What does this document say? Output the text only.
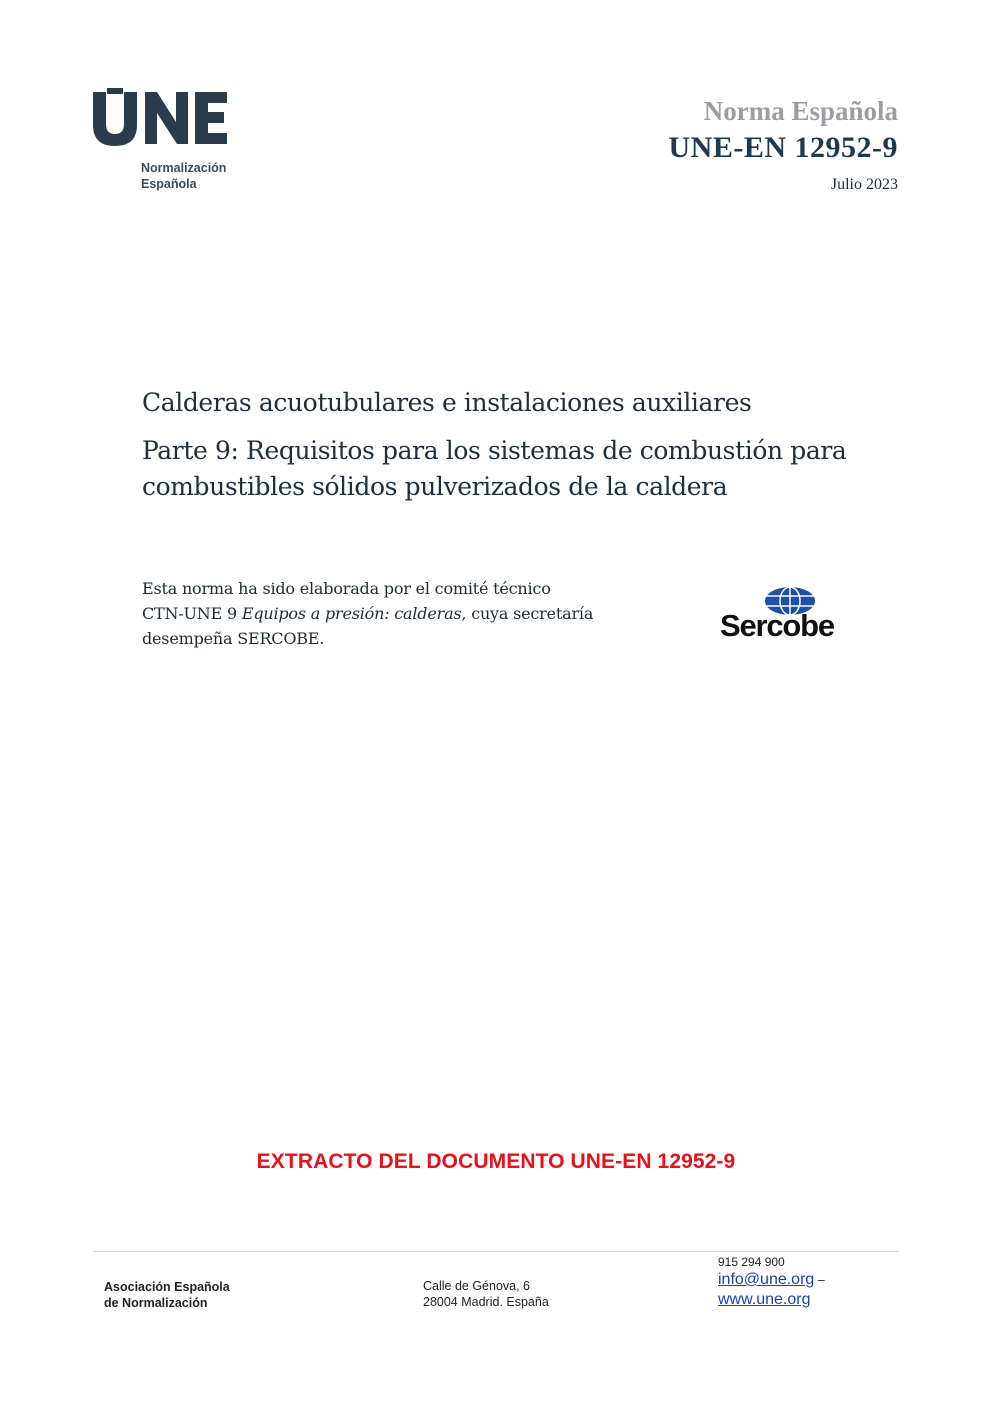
Normalización
Española
Norma Española
UNE-EN 12952-9
Julio 2023
Calderas acuotubulares e instalaciones auxiliares
Parte 9: Requisitos para los sistemas de combustión para
combustibles sólidos pulverizados de la caldera
Esta norma ha sido elaborada por el comité técnico
CTN-UNE 9 Equipos a presión: calderas, cuya secretaría
desempeña SERCOBE.	Sercobe
EXTRACTO DEL DOCUMENTO UNE-EN 12952-9
Asociación Española
de Normalización
Calle de Génova, 6
28004 Madrid. España
915 294 900
info@une.org –
www.une.org
